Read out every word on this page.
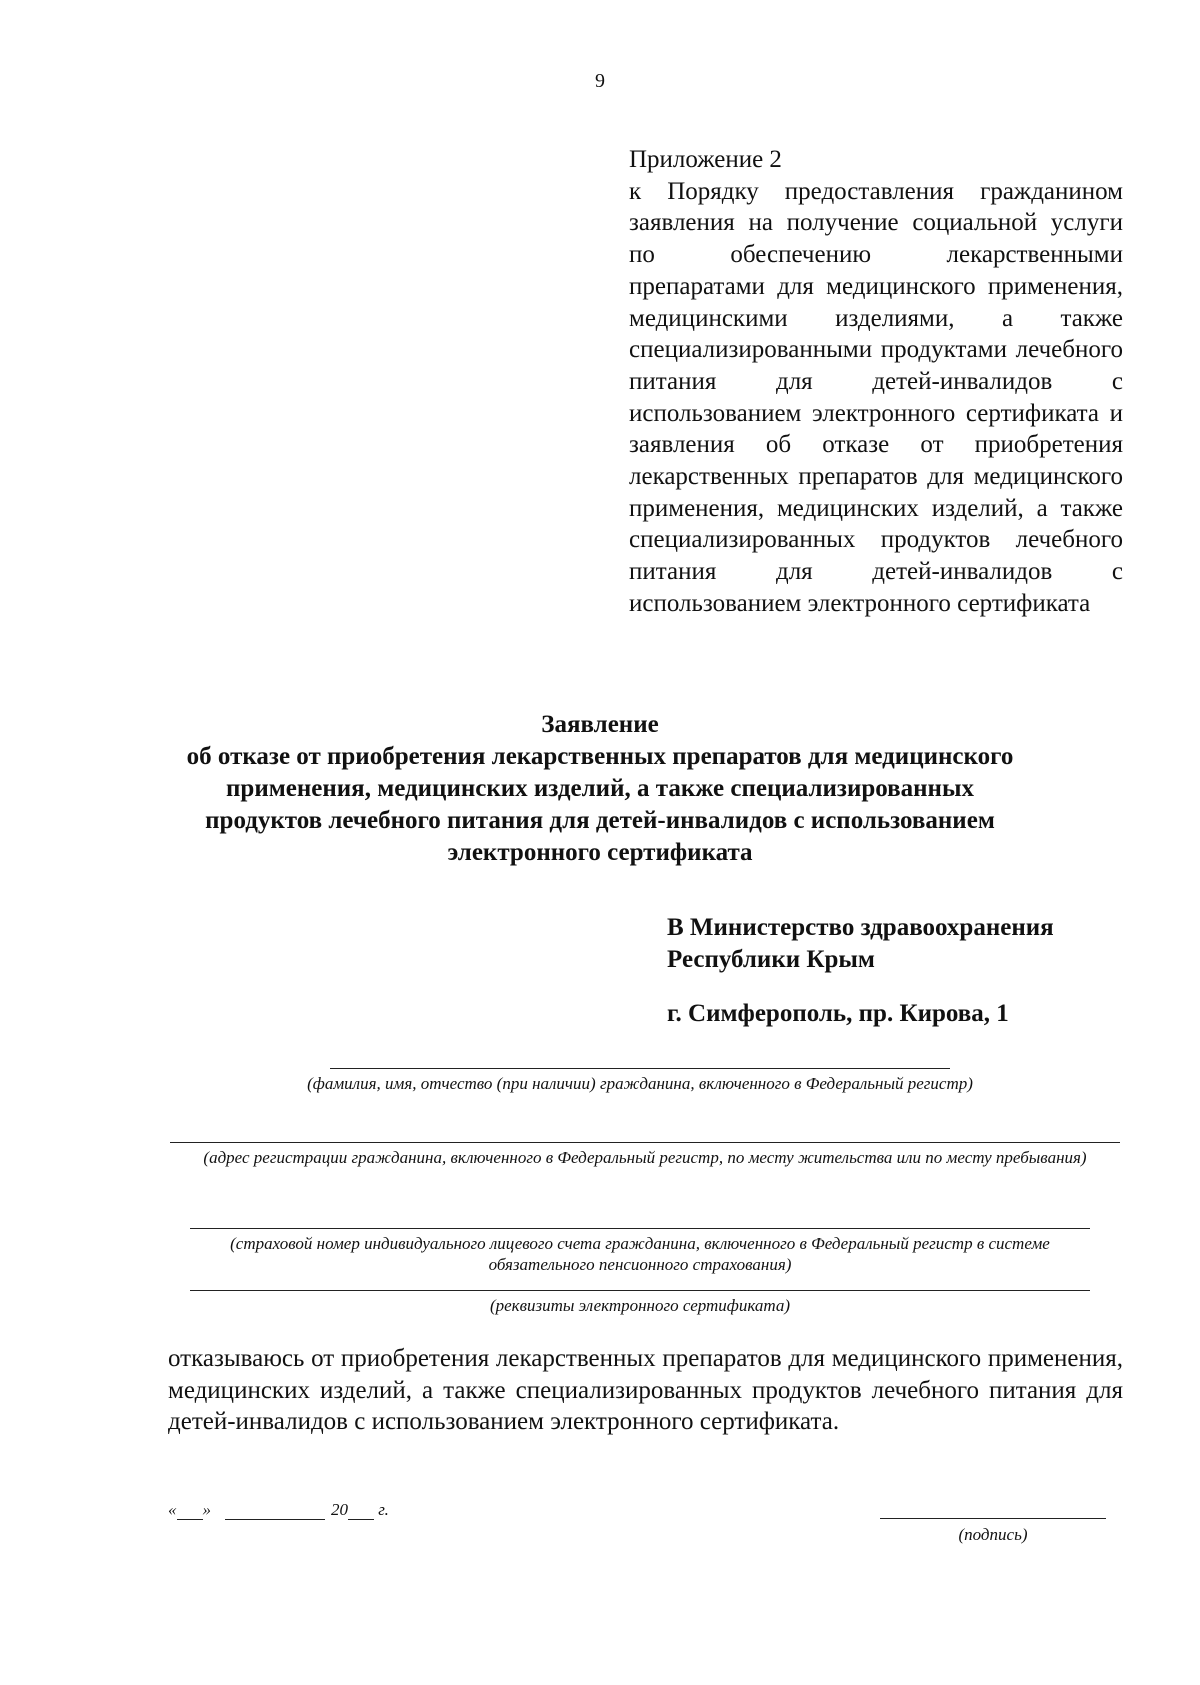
9

Приложение 2

к Порядку предоставления гражданином заявления на получение социальной услуги по обеспечению лекарственными препаратами для медицинского применения, медицинскими изделиями, а также специализированными продуктами лечебного питания для детей-инвалидов с использованием электронного сертификата и заявления об отказе от приобретения лекарственных препаратов для медицинского применения, медицинских изделий, а также специализированных продуктов лечебного питания для детей-инвалидов с использованием электронного сертификата

Заявление

об отказе от приобретения лекарственных препаратов для медицинского

применения, медицинских изделий, а также специализированных

продуктов лечебного питания для детей-инвалидов с использованием

электронного сертификата

В Министерство здравоохранения

Республики Крым

г. Симферополь, пр. Кирова, 1

(фамилия, имя, отчество (при наличии) гражданина, включенного в Федеральный регистр)

(адрес регистрации гражданина, включенного в Федеральный регистр, по месту жительства или по месту пребывания)

(страховой номер индивидуального лицевого счета гражданина, включенного в Федеральный регистр в системе обязательного пенсионного страхования)

(реквизиты электронного сертификата)

отказываюсь от приобретения лекарственных препаратов для медицинского применения, медицинских изделий, а также специализированных продуктов лечебного питания для детей-инвалидов с использованием электронного сертификата.

« »	20 г.
(подпись)
